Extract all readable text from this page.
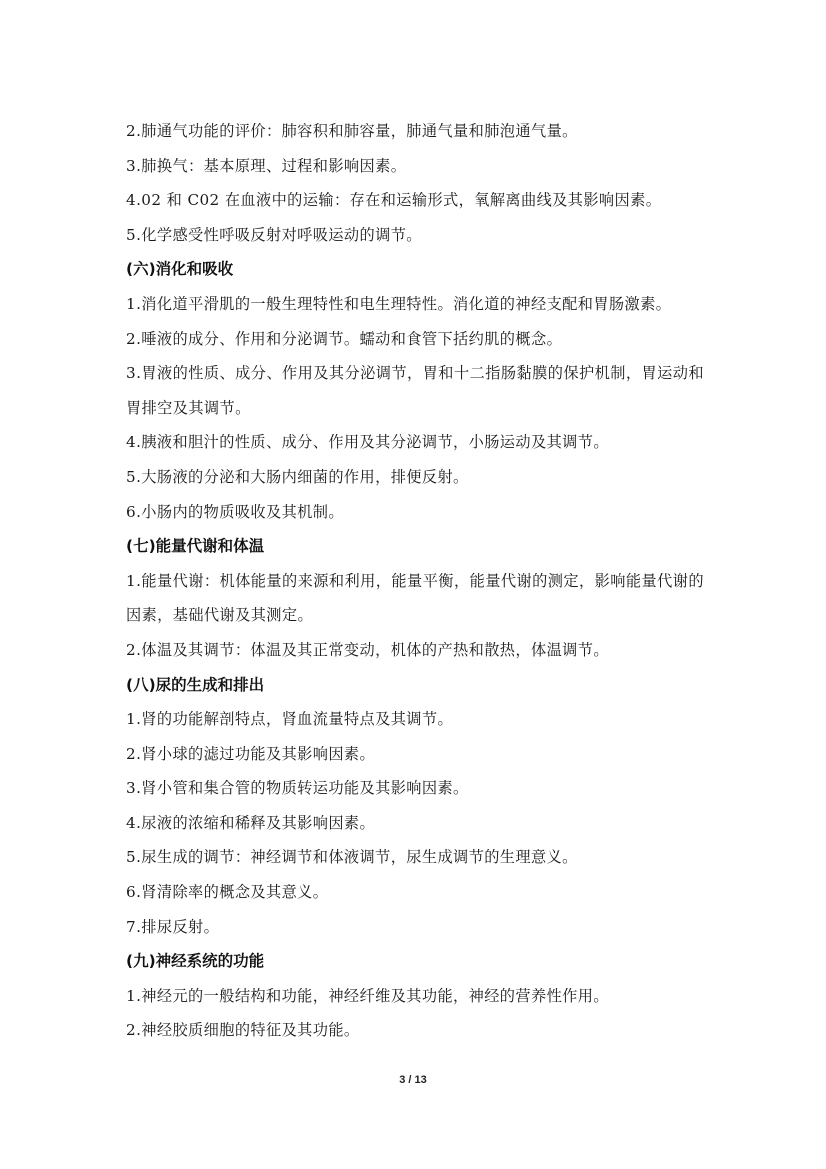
2.肺通气功能的评价：肺容积和肺容量，肺通气量和肺泡通气量。
3.肺换气：基本原理、过程和影响因素。
4.02 和 C02 在血液中的运输：存在和运输形式，氧解离曲线及其影响因素。
5.化学感受性呼吸反射对呼吸运动的调节。
(六)消化和吸收
1.消化道平滑肌的一般生理特性和电生理特性。消化道的神经支配和胃肠激素。
2.唾液的成分、作用和分泌调节。蠕动和食管下括约肌的概念。
3.胃液的性质、成分、作用及其分泌调节，胃和十二指肠黏膜的保护机制，胃运动和胃排空及其调节。
4.胰液和胆汁的性质、成分、作用及其分泌调节，小肠运动及其调节。
5.大肠液的分泌和大肠内细菌的作用，排便反射。
6.小肠内的物质吸收及其机制。
(七)能量代谢和体温
1.能量代谢：机体能量的来源和利用，能量平衡，能量代谢的测定，影响能量代谢的因素，基础代谢及其测定。
2.体温及其调节：体温及其正常变动，机体的产热和散热，体温调节。
(八)尿的生成和排出
1.肾的功能解剖特点，肾血流量特点及其调节。
2.肾小球的滤过功能及其影响因素。
3.肾小管和集合管的物质转运功能及其影响因素。
4.尿液的浓缩和稀释及其影响因素。
5.尿生成的调节：神经调节和体液调节，尿生成调节的生理意义。
6.肾清除率的概念及其意义。
7.排尿反射。
(九)神经系统的功能
1.神经元的一般结构和功能，神经纤维及其功能，神经的营养性作用。
2.神经胶质细胞的特征及其功能。
3 / 13
